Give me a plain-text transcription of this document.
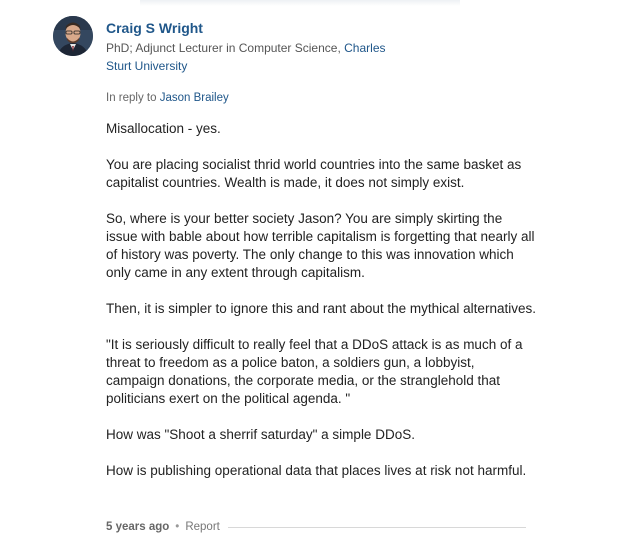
Craig S Wright
PhD; Adjunct Lecturer in Computer Science, Charles Sturt University
In reply to Jason Brailey

Misallocation - yes.

You are placing socialist thrid world countries into the same basket as capitalist countries. Wealth is made, it does not simply exist.

So, where is your better society Jason? You are simply skirting the issue with bable about how terrible capitalism is forgetting that nearly all of history was poverty. The only change to this was innovation which only came in any extent through capitalism.

Then, it is simpler to ignore this and rant about the mythical alternatives.

"It is seriously difficult to really feel that a DDoS attack is as much of a threat to freedom as a police baton, a soldiers gun, a lobbyist, campaign donations, the corporate media, or the stranglehold that politicians exert on the political agenda. "

How was "Shoot a sherrif saturday" a simple DDoS.

How is publishing operational data that places lives at risk not harmful.

5 years ago • Report
